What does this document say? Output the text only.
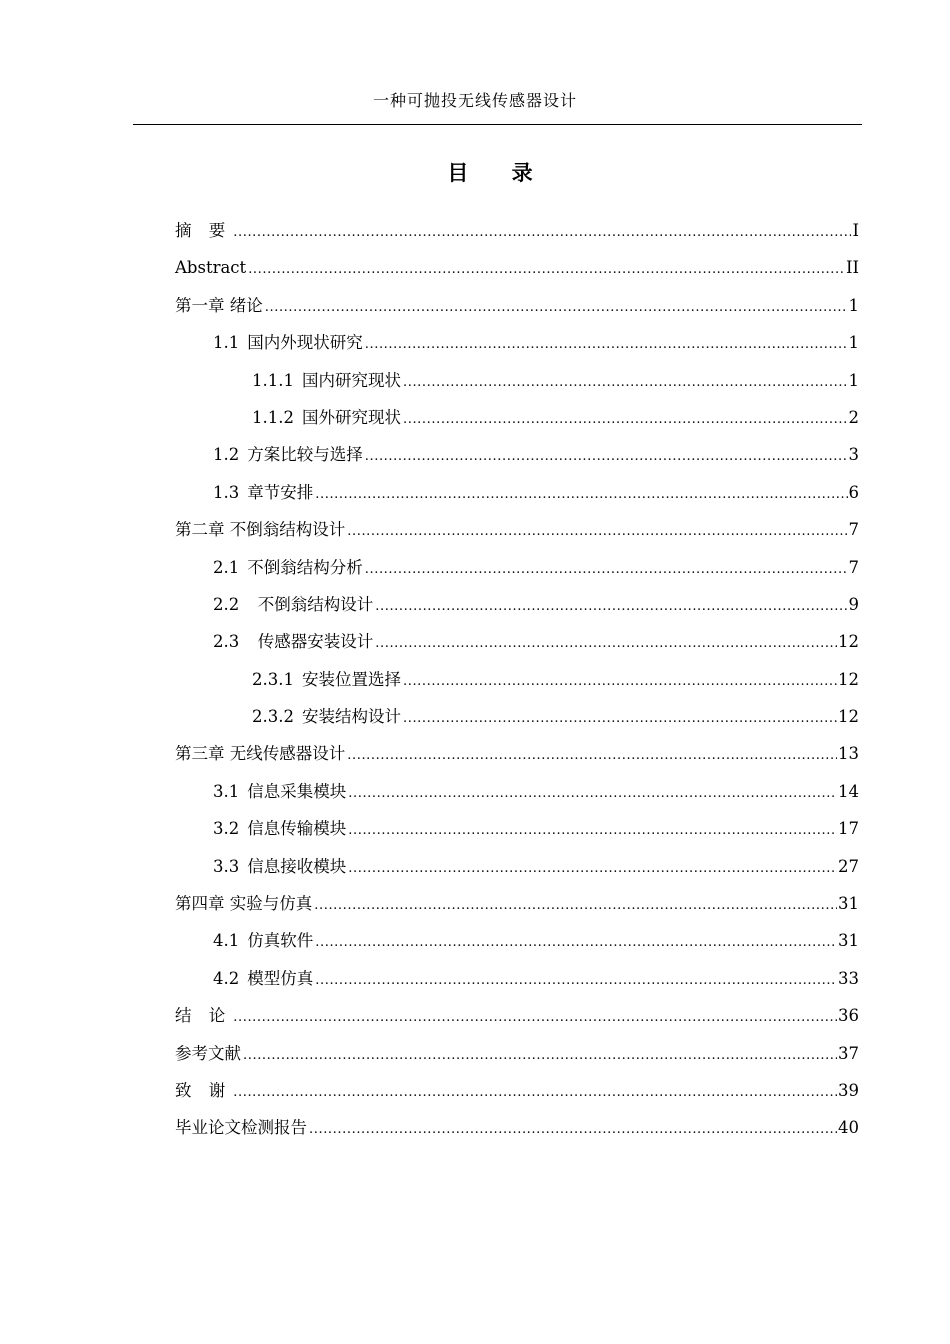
一种可抛投无线传感器设计
目 录
摘 要 .....	I
Abstract .....	II
第一章 绪论 .....	1
1.1 国内外现状研究 .....	1
1.1.1 国内研究现状 .....	1
1.1.2 国外研究现状 .....	2
1.2 方案比较与选择 .....	3
1.3 章节安排 .....	6
第二章 不倒翁结构设计 .....	7
2.1 不倒翁结构分析 .....	7
2.2 不倒翁结构设计 .....	9
2.3 传感器安装设计 .....	12
2.3.1 安装位置选择 .....	12
2.3.2 安装结构设计 .....	12
第三章 无线传感器设计 .....	13
3.1 信息采集模块 .....	14
3.2 信息传输模块 .....	17
3.3 信息接收模块 .....	27
第四章 实验与仿真 .....	31
4.1 仿真软件 .....	31
4.2 模型仿真 .....	33
结 论 .....	36
参考文献 .....	37
致 谢 .....	39
毕业论文检测报告 .....	40
